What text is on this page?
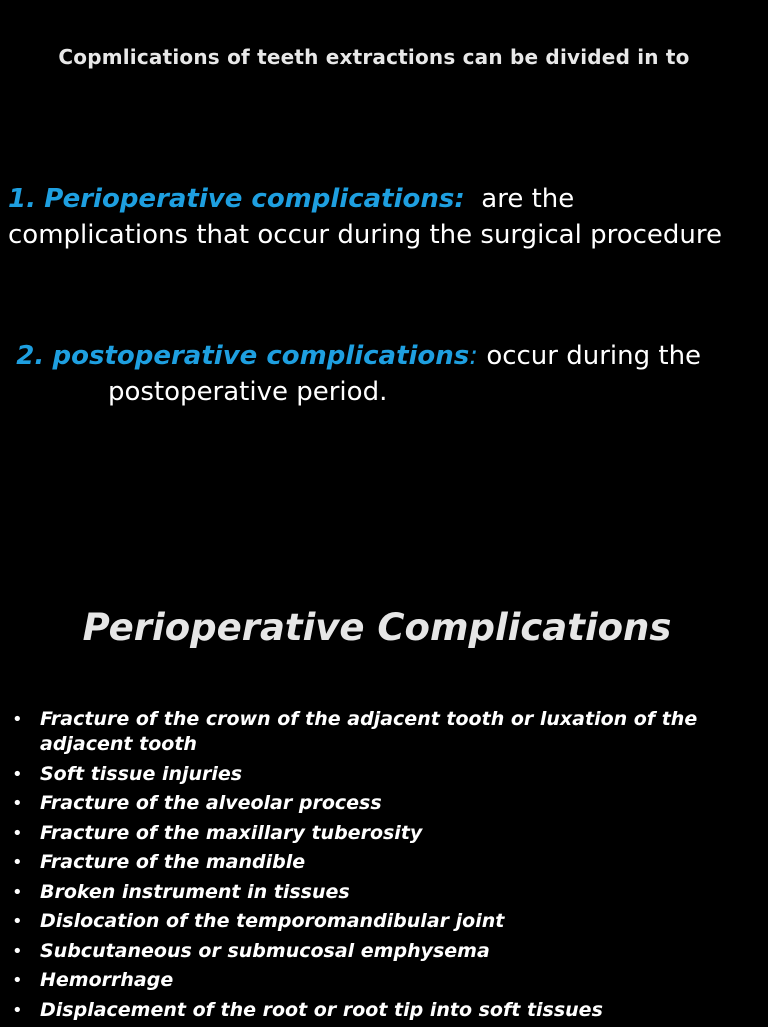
Copmlications of teeth extractions can be divided in to
1. Perioperative complications: are the complications that occur during the surgical procedure
2. postoperative complications: occur during thepostoperative period.
Perioperative Complications
• Fracture of the crown of the adjacent tooth or luxation of the adjacent tooth
• Soft tissue injuries
• Fracture of the alveolar process
• Fracture of the maxillary tuberosity
• Fracture of the mandible
• Broken instrument in tissues
• Dislocation of the temporomandibular joint
• Subcutaneous or submucosal emphysema
• Hemorrhage
• Displacement of the root or root tip into soft tissues
